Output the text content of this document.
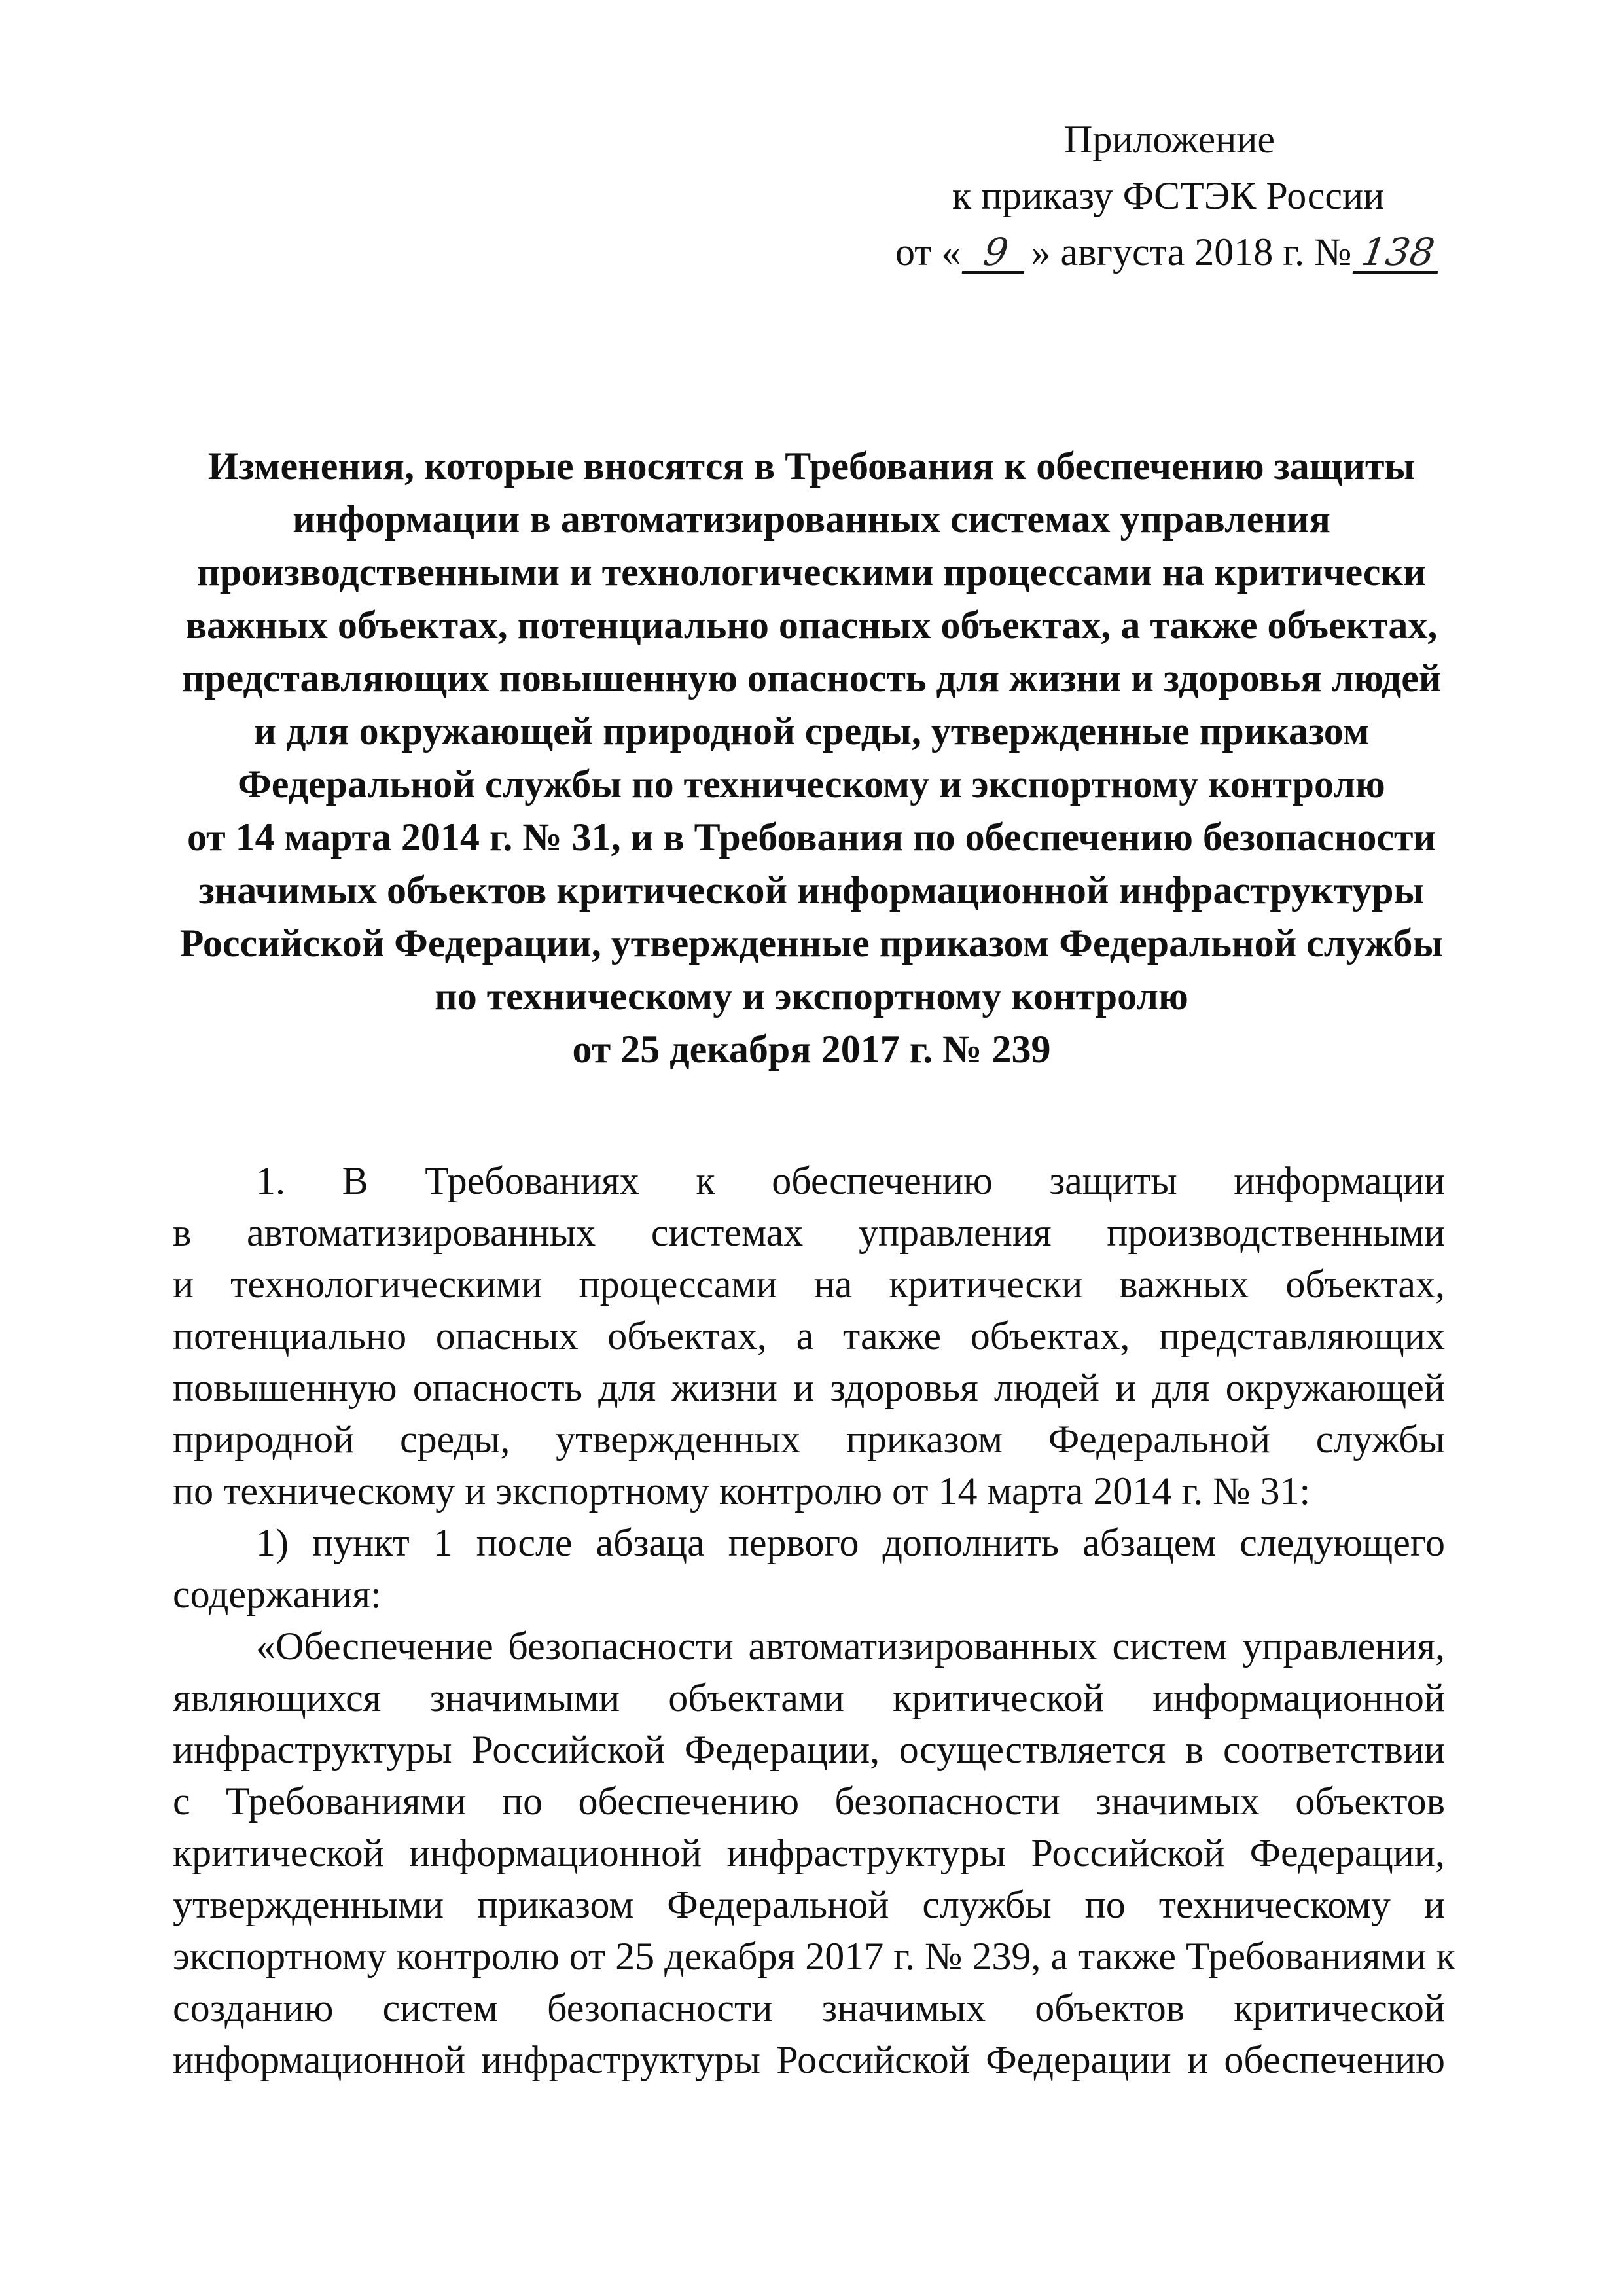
Приложение
к приказу ФСТЭК России
от « 9 » августа 2018 г. № 138
Изменения, которые вносятся в Требования к обеспечению защиты
информации в автоматизированных системах управления
производственными и технологическими процессами на критически
важных объектах, потенциально опасных объектах, а также объектах,
представляющих повышенную опасность для жизни и здоровья людей
и для окружающей природной среды, утвержденные приказом
Федеральной службы по техническому и экспортному контролю
от 14 марта 2014 г. № 31, и в Требования по обеспечению безопасности
значимых объектов критической информационной инфраструктуры
Российской Федерации, утвержденные приказом Федеральной службы
по техническому и экспортному контролю
от 25 декабря 2017 г. № 239
1. В Требованиях к обеспечению защиты информации
в автоматизированных системах управления производственными
и технологическими процессами на критически важных объектах,
потенциально опасных объектах, а также объектах, представляющих
повышенную опасность для жизни и здоровья людей и для окружающей
природной среды, утвержденных приказом Федеральной службы
по техническому и экспортному контролю от 14 марта 2014 г. № 31:
1) пункт 1 после абзаца первого дополнить абзацем следующего
содержания:
«Обеспечение безопасности автоматизированных систем управления,
являющихся значимыми объектами критической информационной
инфраструктуры Российской Федерации, осуществляется в соответствии
с Требованиями по обеспечению безопасности значимых объектов
критической информационной инфраструктуры Российской Федерации,
утвержденными приказом Федеральной службы по техническому и
экспортному контролю от 25 декабря 2017 г. № 239, а также Требованиями к
созданию систем безопасности значимых объектов критической
информационной инфраструктуры Российской Федерации и обеспечению
